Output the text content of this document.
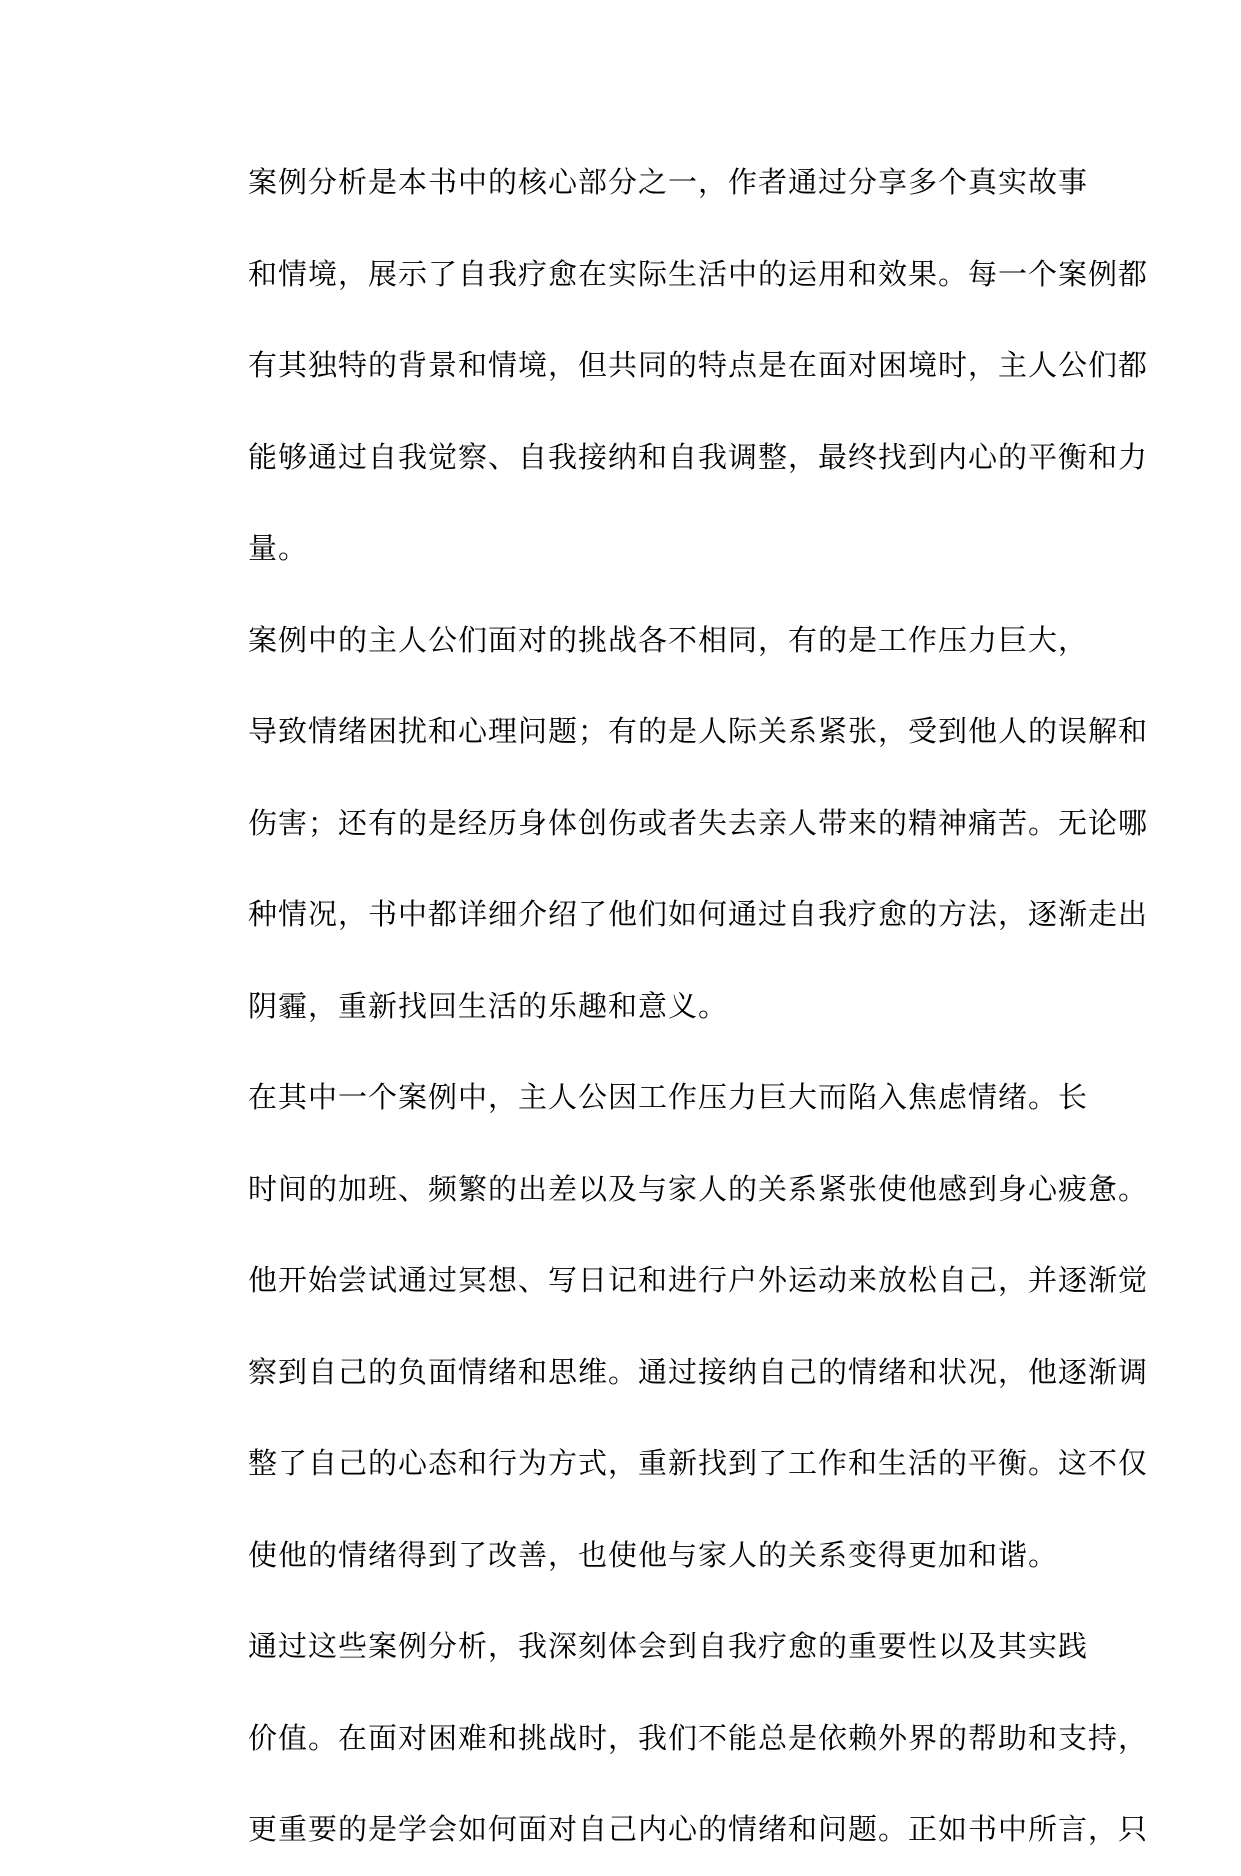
案例分析是本书中的核心部分之一，作者通过分享多个真实故事
和情境，展示了自我疗愈在实际生活中的运用和效果。每一个案例都
有其独特的背景和情境，但共同的特点是在面对困境时，主人公们都
能够通过自我觉察、自我接纳和自我调整，最终找到内心的平衡和力
量。

案例中的主人公们面对的挑战各不相同，有的是工作压力巨大，
导致情绪困扰和心理问题；有的是人际关系紧张，受到他人的误解和
伤害；还有的是经历身体创伤或者失去亲人带来的精神痛苦。无论哪
种情况，书中都详细介绍了他们如何通过自我疗愈的方法，逐渐走出
阴霾，重新找回生活的乐趣和意义。

在其中一个案例中，主人公因工作压力巨大而陷入焦虑情绪。长
时间的加班、频繁的出差以及与家人的关系紧张使他感到身心疲惫。
他开始尝试通过冥想、写日记和进行户外运动来放松自己，并逐渐觉
察到自己的负面情绪和思维。通过接纳自己的情绪和状况，他逐渐调
整了自己的心态和行为方式，重新找到了工作和生活的平衡。这不仅
使他的情绪得到了改善，也使他与家人的关系变得更加和谐。

通过这些案例分析，我深刻体会到自我疗愈的重要性以及其实践
价值。在面对困难和挑战时，我们不能总是依赖外界的帮助和支持，
更重要的是学会如何面对自己内心的情绪和问题。正如书中所言，只
